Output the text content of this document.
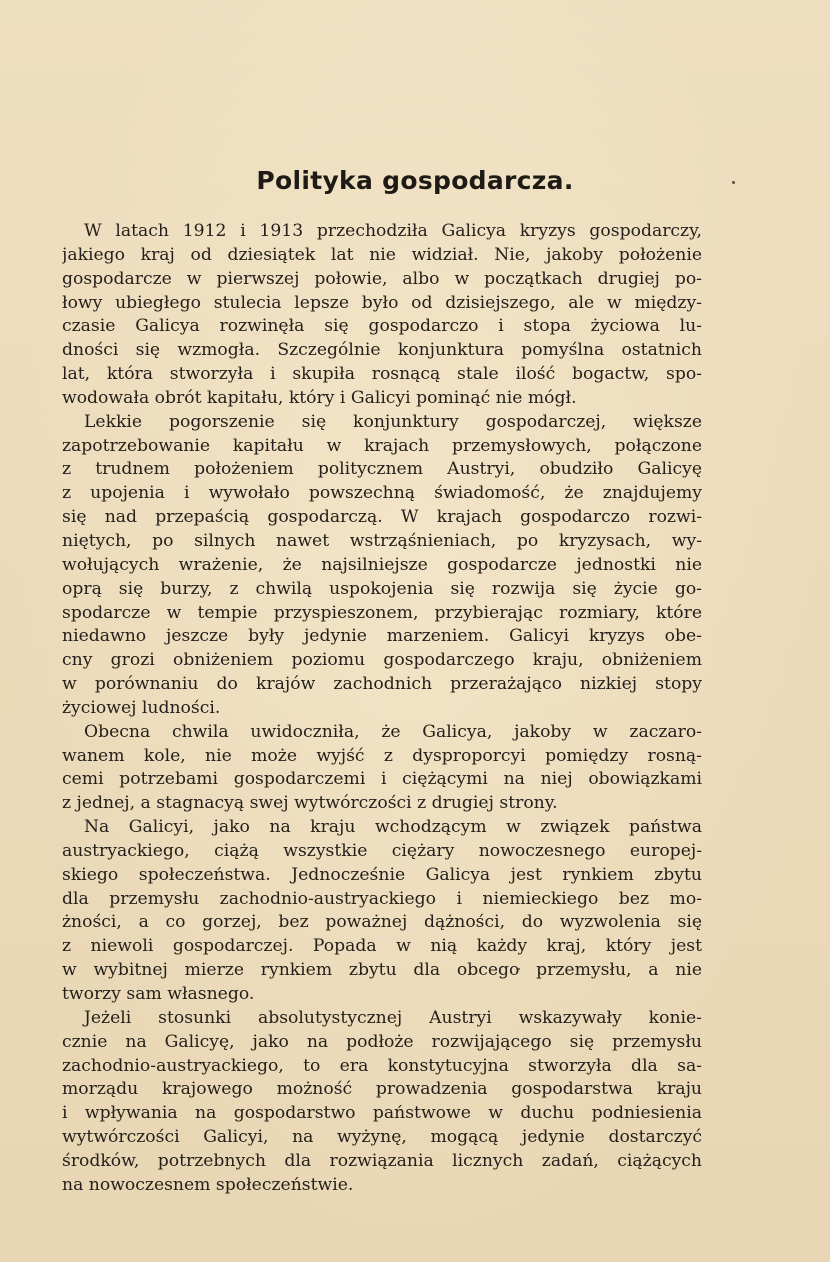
Polityka gospodarcza.

W latach 1912 i 1913 przechodziła Galicya kryzys gospodarczy,
jakiego kraj od dziesiątek lat nie widział. Nie, jakoby położenie
gospodarcze w pierwszej połowie, albo w początkach drugiej po-
łowy ubiegłego stulecia lepsze było od dzisiejszego, ale w między-
czasie Galicya rozwinęła się gospodarczo i stopa życiowa lu-
dności się wzmogła. Szczególnie konjunktura pomyślna ostatnich
lat, która stworzyła i skupiła rosnącą stale ilość bogactw, spo-
wodowała obrót kapitału, który i Galicyi pominąć nie mógł.

Lekkie pogorszenie się konjunktury gospodarczej, większe
zapotrzebowanie kapitału w krajach przemysłowych, połączone
z trudnem położeniem politycznem Austryi, obudziło Galicyę
z upojenia i wywołało powszechną świadomość, że znajdujemy
się nad przepaścią gospodarczą. W krajach gospodarczo rozwi-
niętych, po silnych nawet wstrząśnieniach, po kryzysach, wy-
wołujących wrażenie, że najsilniejsze gospodarcze jednostki nie
oprą się burzy, z chwilą uspokojenia się rozwija się życie go-
spodarcze w tempie przyspieszonem, przybierając rozmiary, które
niedawno jeszcze były jedynie marzeniem. Galicyi kryzys obe-
cny grozi obniżeniem poziomu gospodarczego kraju, obniżeniem
w porównaniu do krajów zachodnich przerażająco nizkiej stopy
życiowej ludności.

Obecna chwila uwidoczniła, że Galicya, jakoby w zaczaro-
wanem kole, nie może wyjść z dysproporcyi pomiędzy rosną-
cemi potrzebami gospodarczemi i ciężącymi na niej obowiązkami
z jednej, a stagnacyą swej wytwórczości z drugiej strony.

Na Galicyi, jako na kraju wchodzącym w związek państwa
austryackiego, ciążą wszystkie ciężary nowoczesnego europej-
skiego społeczeństwa. Jednocześnie Galicya jest rynkiem zbytu
dla przemysłu zachodnio-austryackiego i niemieckiego bez mo-
żności, a co gorzej, bez poważnej dążności, do wyzwolenia się
z niewoli gospodarczej. Popada w nią każdy kraj, który jest
w wybitnej mierze rynkiem zbytu dla obcego przemysłu, a nie
tworzy sam własnego.

Jeżeli stosunki absolutystycznej Austryi wskazywały konie-
cznie na Galicyę, jako na podłoże rozwijającego się przemysłu
zachodnio-austryackiego, to era konstytucyjna stworzyła dla sa-
morządu krajowego możność prowadzenia gospodarstwa kraju
i wpływania na gospodarstwo państwowe w duchu podniesienia
wytwórczości Galicyi, na wyżynę, mogącą jedynie dostarczyć
środków, potrzebnych dla rozwiązania licznych zadań, ciążących
na nowoczesnem społeczeństwie.
